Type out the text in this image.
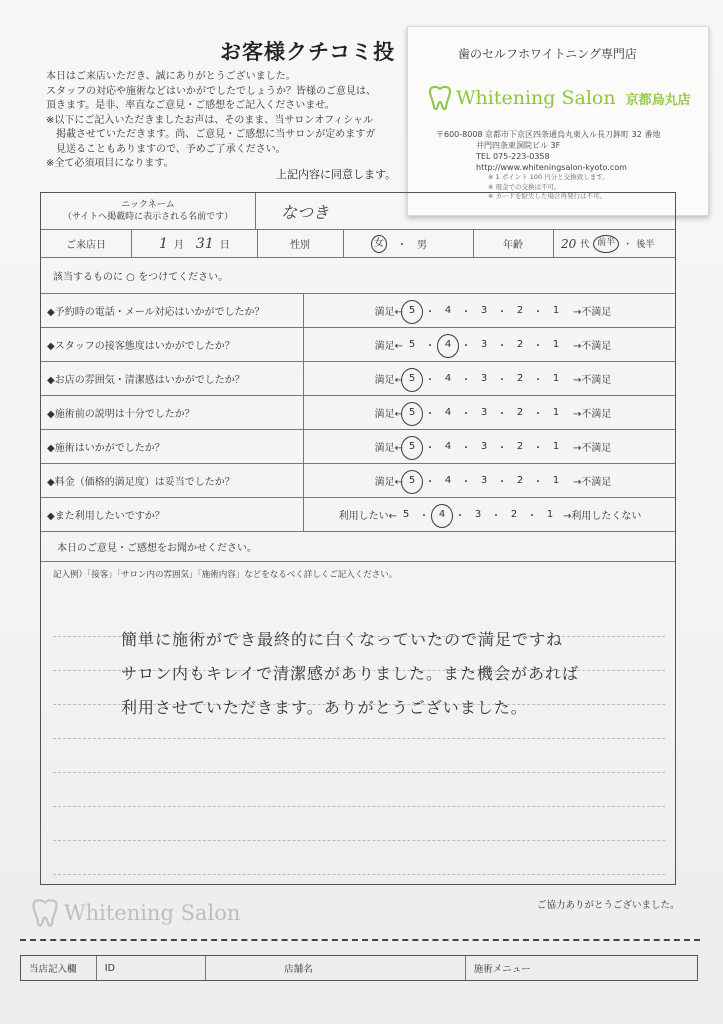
お客様クチコミ投
本日はご来店いただき、誠にありがとうございました。
スタッフの対応や施術などはいかがでしたでしょうか？皆様のご意見は、
頂きます。是非、率直なご意見・ご感想をご記入くださいませ。
※以下にご記入いただきましたお声は、そのまま、当サロンオフィシャル
　掲載させていただきます。尚、ご意見・ご感想に当サロンが定めますガ
　見送ることもありますので、予めご了承ください。
※全て必須項目になります。
上記内容に同意します。
歯のセルフホワイトニング専門店
Whitening Salon 京都烏丸店
〒600-8008 京都市下京区四条通烏丸東入ル長刀鉾町 32 番地
井門四条東洞院ビル 3F
TEL 075-223-0358
http://www.whiteningsalon-kyoto.com
※ 1 ポイント 100 円分と交換致します。
※ 現金での交換は不可。
※ カードを紛失した場合再発行は不可。
ニックネーム
（サイトへ掲載時に表示される名前です）	なつき
ご来店日	1 月 31 日	性別	女	・ 男	年齢	20 代 前半 ・ 後半
該当するものに ○ をつけてください。
◆予約時の電話・メール対応はいかがでしたか？	満足← 5 ・ 4 ・ 3 ・ 2 ・ 1	→不満足
◆スタッフの接客態度はいかがでしたか？	満足← 5 ・ 4 ・ 3 ・ 2 ・ 1	→不満足
◆お店の雰囲気・清潔感はいかがでしたか？	満足← 5 ・ 4 ・ 3 ・ 2 ・ 1	→不満足
◆施術前の説明は十分でしたか？	満足← 5 ・ 4 ・ 3 ・ 2 ・ 1	→不満足
◆施術はいかがでしたか？	満足← 5 ・ 4 ・ 3 ・ 2 ・ 1	→不満足
◆料金（価格的満足度）は妥当でしたか？	満足← 5 ・ 4 ・ 3 ・ 2 ・ 1	→不満足
◆また利用したいですか？	利用したい← 5 ・ 4 ・ 3 ・ 2 ・ 1 →利用したくない
本日のご意見・ご感想をお聞かせください。
記入例）「接客」「サロン内の雰囲気」「施術内容」などをなるべく詳しくご記入ください。
簡単に施術ができ最終的に白くなっていたので満足ですね
サロン内もキレイで清潔感がありました。また機会があれば
利用させていただきます。ありがとうございました。
ご協力ありがとうございました。
Whitening Salon
当店記入欄	ID	店舗名	施術メニュー
